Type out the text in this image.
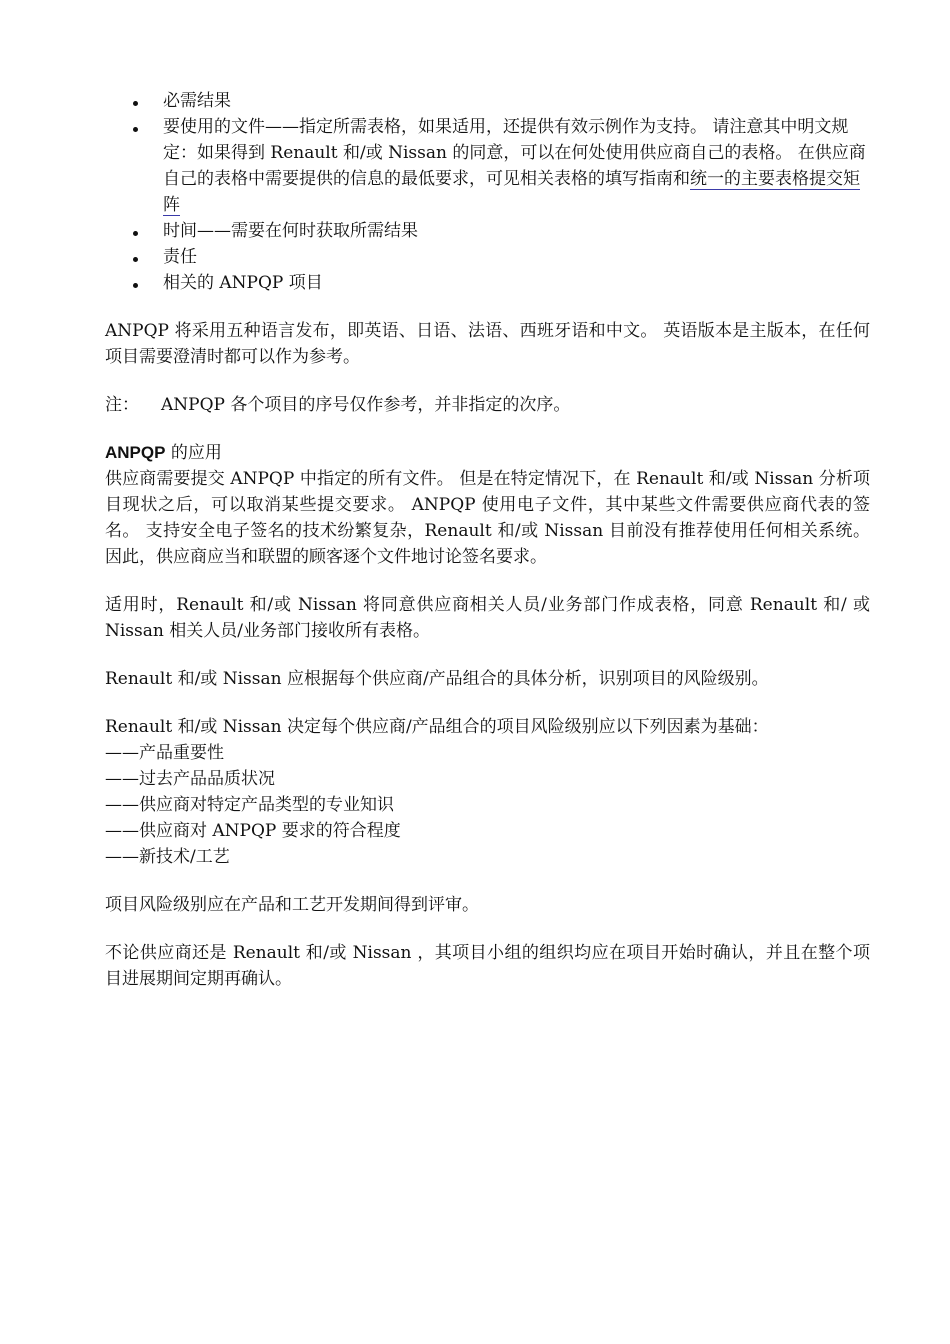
必需结果
要使用的文件——指定所需表格，如果适用，还提供有效示例作为支持。 请注意其中明文规定：如果得到 Renault 和/或 Nissan 的同意，可以在何处使用供应商自己的表格。 在供应商自己的表格中需要提供的信息的最低要求，可见相关表格的填写指南和统一的主要表格提交矩阵
时间——需要在何时获取所需结果
责任
相关的 ANPQP 项目

ANPQP 将采用五种语言发布，即英语、日语、法语、西班牙语和中文。 英语版本是主版本，在任何项目需要澄清时都可以作为参考。

注： ANPQP 各个项目的序号仅作参考，并非指定的次序。

ANPQP 的应用

供应商需要提交 ANPQP 中指定的所有文件。 但是在特定情况下，在 Renault 和/或 Nissan 分析项目现状之后，可以取消某些提交要求。 ANPQP 使用电子文件，其中某些文件需要供应商代表的签名。 支持安全电子签名的技术纷繁复杂，Renault 和/或 Nissan 目前没有推荐使用任何相关系统。 因此，供应商应当和联盟的顾客逐个文件地讨论签名要求。

适用时，Renault 和/或 Nissan 将同意供应商相关人员/业务部门作成表格，同意 Renault 和/ 或 Nissan 相关人员/业务部门接收所有表格。

Renault 和/或 Nissan 应根据每个供应商/产品组合的具体分析，识别项目的风险级别。

Renault 和/或 Nissan 决定每个供应商/产品组合的项目风险级别应以下列因素为基础：

——产品重要性

——过去产品品质状况

——供应商对特定产品类型的专业知识

——供应商对 ANPQP 要求的符合程度

——新技术/工艺

项目风险级别应在产品和工艺开发期间得到评审。

不论供应商还是 Renault 和/或 Nissan ，其项目小组的组织均应在项目开始时确认，并且在整个项目进展期间定期再确认。
